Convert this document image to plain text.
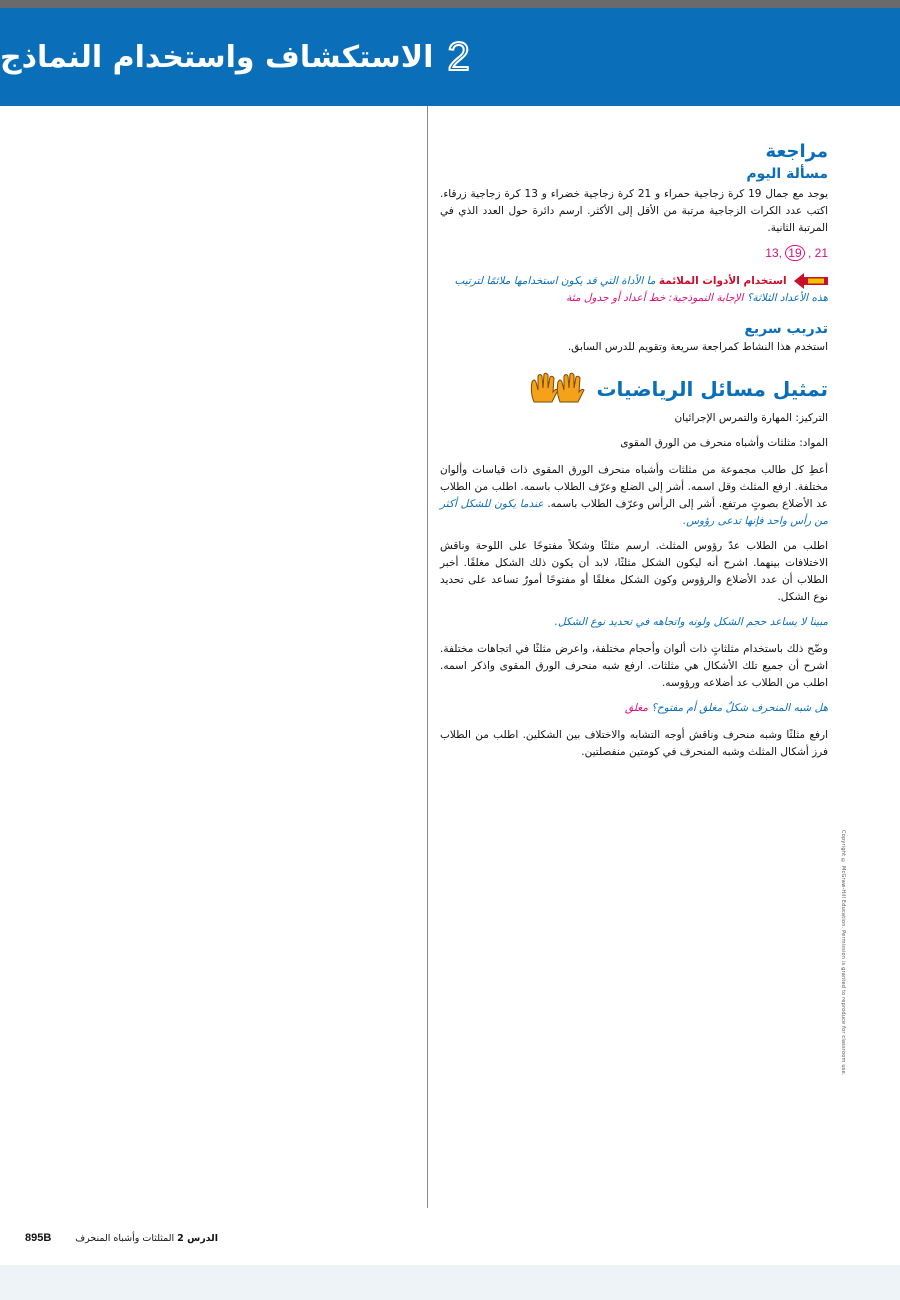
2
الاستكشاف واستخدام النماذج
مراجعة
مسألة اليوم

يوجد مع جمال 19 كرة زجاجية حمراء و 21 كرة زجاجية خضراء و 13 كرة زجاجية زرقاء. اكتب عدد الكرات الزجاجية مرتبة من الأقل إلى الأكثر. ارسم دائرة حول العدد الذي في المرتبة الثانية.

13, 19 , 21
استخدام الأدوات الملائمة ما الأداة التي قد يكون استخدامها ملائمًا لترتيب هذه الأعداد الثلاثة؟ الإجابة النموذجية: خط أعداد أو جدول مئة
تدريب سريع

استخدم هذا النشاط كمراجعة سريعة وتقويم للدرس السابق.

تمثيل مسائل الرياضيات

التركيز: المهارة والتمرس الإجرائيان

المواد: مثلثات وأشباه منحرف من الورق المقوى

أعطِ كل طالب مجموعة من مثلثات وأشباه منحرف الورق المقوى ذات قياسات وألوان مختلفة. ارفع المثلث وقل اسمه. أشر إلى الضلع وعرّف الطلاب باسمه. اطلب من الطلاب عد الأضلاع بصوتٍ مرتفع. أشر إلى الرأس وعرّف الطلاب باسمه. عندما يكون للشكل أكثر من رأس واحد فإنها تدعى رؤوس.

اطلب من الطلاب عدّ رؤوس المثلث. ارسم مثلثًا وشكلاً مفتوحًا على اللوحة وناقش الاختلافات بينهما. اشرح أنه ليكون الشكل مثلثًا، لابد أن يكون ذلك الشكل مغلقًا. أخبر الطلاب أن عدد الأضلاع والرؤوس وكون الشكل مغلقًا أو مفتوحًا أمورٌ تساعد على تحديد نوع الشكل.

مبينا لا يساعد حجم الشكل ولونه واتجاهه في تحديد نوع الشكل.

وضّح ذلك باستخدام مثلثاتٍ ذات ألوان وأحجام مختلفة، واعرض مثلثًا في اتجاهات مختلفة. اشرح أن جميع تلك الأشكال هي مثلثات. ارفع شبه منحرف الورق المقوى واذكر اسمه. اطلب من الطلاب عد أضلاعه ورؤوسه.

هل شبه المنحرف شكلٌ مغلق أم مفتوح؟ مغلق

ارفع مثلثًا وشبه منحرف وناقش أوجه التشابه والاختلاف بين الشكلين. اطلب من الطلاب فرز أشكال المثلث وشبه المنحرف في كومتين منفصلتين.

Copyright © McGraw-Hill Education. Permission is granted to reproduce for classroom use.
895B	الدرس 2 المثلثات وأشباه المنحرف
